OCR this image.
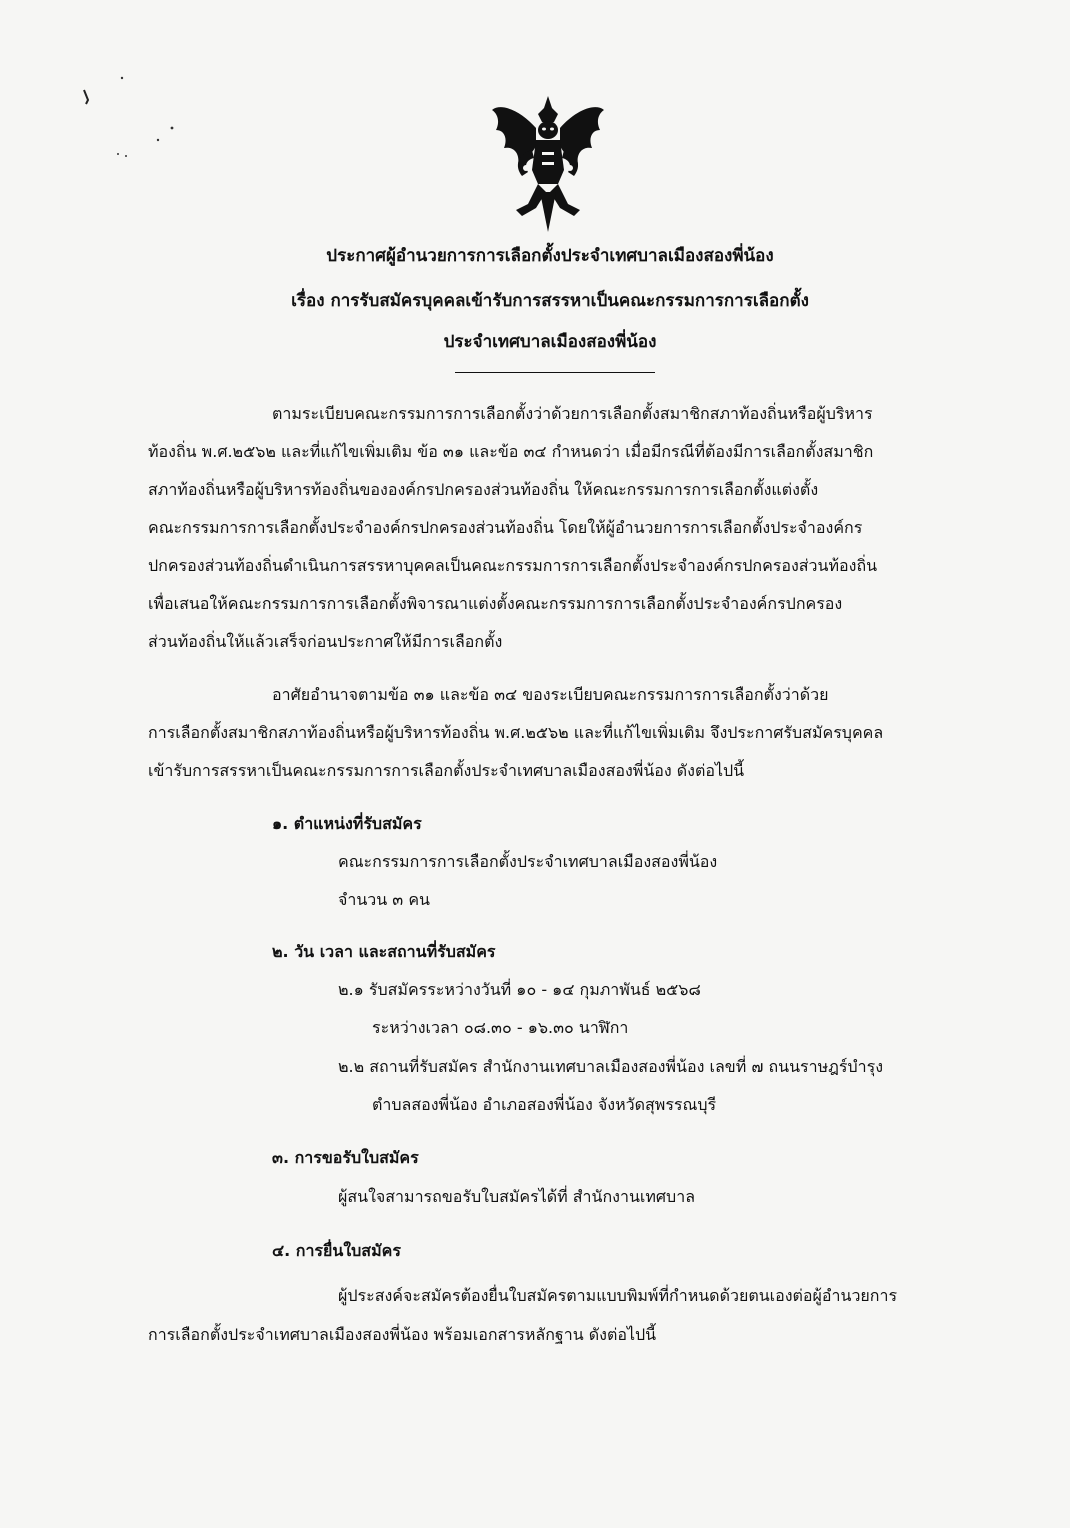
ประกาศผู้อำนวยการการเลือกตั้งประจำเทศบาลเมืองสองพี่น้อง
เรื่อง การรับสมัครบุคคลเข้ารับการสรรหาเป็นคณะกรรมการการเลือกตั้ง
ประจำเทศบาลเมืองสองพี่น้อง
ตามระเบียบคณะกรรมการการเลือกตั้งว่าด้วยการเลือกตั้งสมาชิกสภาท้องถิ่นหรือผู้บริหาร
ท้องถิ่น พ.ศ.๒๕๖๒ และที่แก้ไขเพิ่มเติม ข้อ ๓๑ และข้อ ๓๔ กำหนดว่า เมื่อมีกรณีที่ต้องมีการเลือกตั้งสมาชิก
สภาท้องถิ่นหรือผู้บริหารท้องถิ่นขององค์กรปกครองส่วนท้องถิ่น ให้คณะกรรมการการเลือกตั้งแต่งตั้ง
คณะกรรมการการเลือกตั้งประจำองค์กรปกครองส่วนท้องถิ่น โดยให้ผู้อำนวยการการเลือกตั้งประจำองค์กร
ปกครองส่วนท้องถิ่นดำเนินการสรรหาบุคคลเป็นคณะกรรมการการเลือกตั้งประจำองค์กรปกครองส่วนท้องถิ่น
เพื่อเสนอให้คณะกรรมการการเลือกตั้งพิจารณาแต่งตั้งคณะกรรมการการเลือกตั้งประจำองค์กรปกครอง
ส่วนท้องถิ่นให้แล้วเสร็จก่อนประกาศให้มีการเลือกตั้ง
อาศัยอำนาจตามข้อ ๓๑ และข้อ ๓๔ ของระเบียบคณะกรรมการการเลือกตั้งว่าด้วย
การเลือกตั้งสมาชิกสภาท้องถิ่นหรือผู้บริหารท้องถิ่น พ.ศ.๒๕๖๒ และที่แก้ไขเพิ่มเติม จึงประกาศรับสมัครบุคคล
เข้ารับการสรรหาเป็นคณะกรรมการการเลือกตั้งประจำเทศบาลเมืองสองพี่น้อง ดังต่อไปนี้
๑. ตำแหน่งที่รับสมัคร
คณะกรรมการการเลือกตั้งประจำเทศบาลเมืองสองพี่น้อง
จำนวน ๓ คน
๒. วัน เวลา และสถานที่รับสมัคร
๒.๑ รับสมัครระหว่างวันที่ ๑๐ - ๑๔ กุมภาพันธ์ ๒๕๖๘
ระหว่างเวลา ๐๘.๓๐ - ๑๖.๓๐ นาฬิกา
๒.๒ สถานที่รับสมัคร สำนักงานเทศบาลเมืองสองพี่น้อง เลขที่ ๗ ถนนราษฎร์บำรุง
ตำบลสองพี่น้อง อำเภอสองพี่น้อง จังหวัดสุพรรณบุรี
๓. การขอรับใบสมัคร
ผู้สนใจสามารถขอรับใบสมัครได้ที่ สำนักงานเทศบาล
๔. การยื่นใบสมัคร
ผู้ประสงค์จะสมัครต้องยื่นใบสมัครตามแบบพิมพ์ที่กำหนดด้วยตนเองต่อผู้อำนวยการ
การเลือกตั้งประจำเทศบาลเมืองสองพี่น้อง พร้อมเอกสารหลักฐาน ดังต่อไปนี้
